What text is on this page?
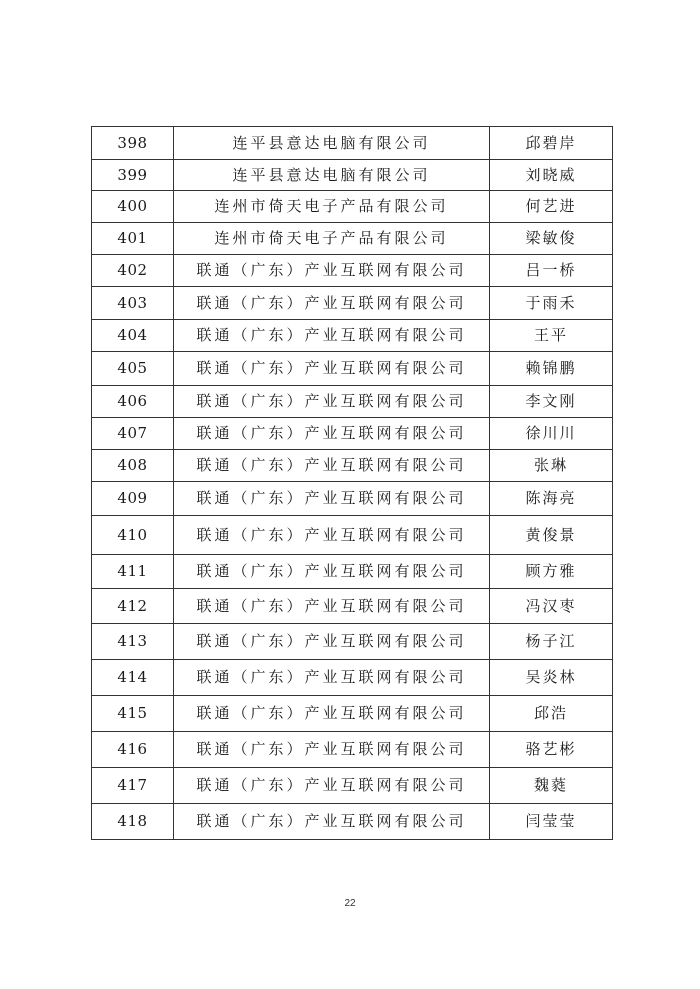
398	连平县意达电脑有限公司	邱碧岸
399	连平县意达电脑有限公司	刘晓威
400	连州市倚天电子产品有限公司	何艺进
401	连州市倚天电子产品有限公司	梁敏俊
402	联通（广东）产业互联网有限公司	吕一桥
403	联通（广东）产业互联网有限公司	于雨禾
404	联通（广东）产业互联网有限公司	王平
405	联通（广东）产业互联网有限公司	赖锦鹏
406	联通（广东）产业互联网有限公司	李文刚
407	联通（广东）产业互联网有限公司	徐川川
408	联通（广东）产业互联网有限公司	张琳
409	联通（广东）产业互联网有限公司	陈海亮
410	联通（广东）产业互联网有限公司	黄俊景
411	联通（广东）产业互联网有限公司	顾方雅
412	联通（广东）产业互联网有限公司	冯汉枣
413	联通（广东）产业互联网有限公司	杨子江
414	联通（广东）产业互联网有限公司	吴炎林
415	联通（广东）产业互联网有限公司	邱浩
416	联通（广东）产业互联网有限公司	骆艺彬
417	联通（广东）产业互联网有限公司	魏蕤
418	联通（广东）产业互联网有限公司	闫莹莹
22
